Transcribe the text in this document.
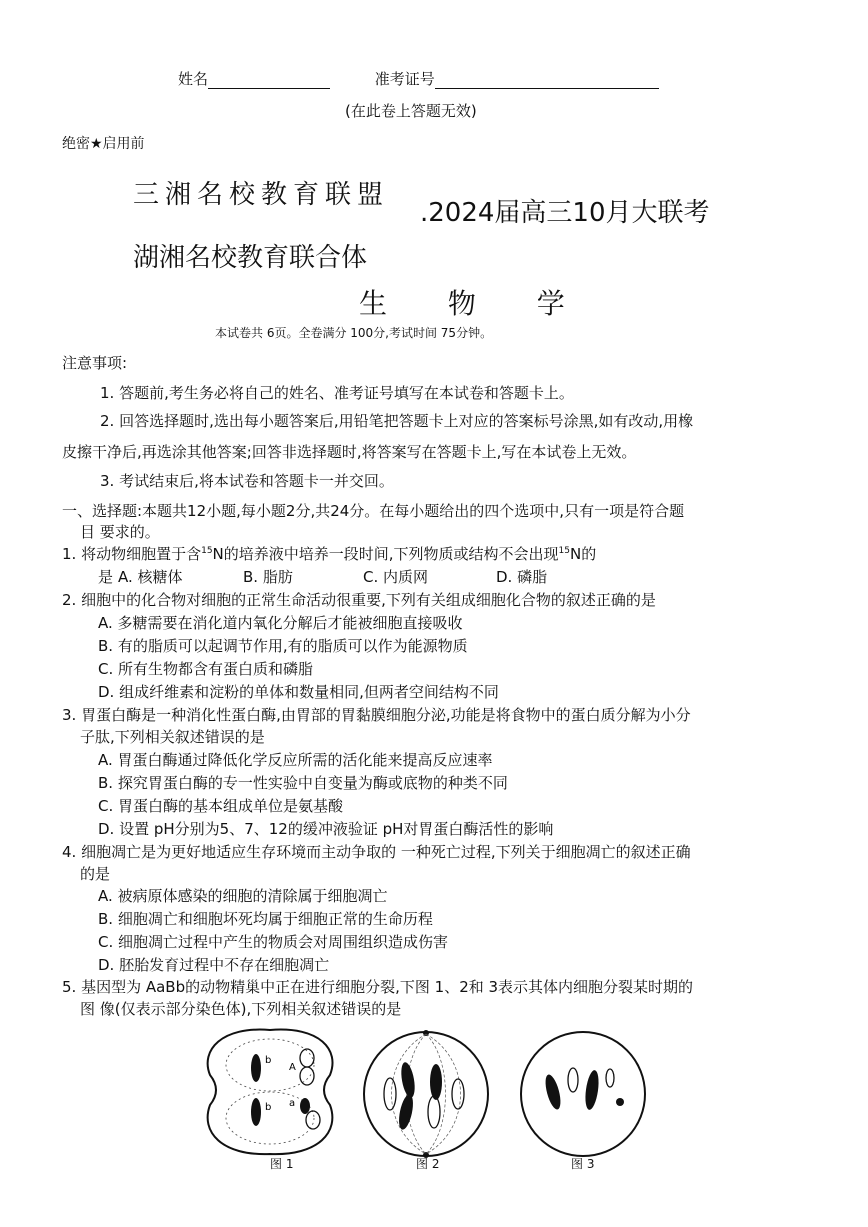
姓名	准考证号
(在此卷上答题无效)
绝密★启用前
三湘名校教育联盟
.2024届高三10月大联考
湖湘名校教育联合体
生 物 学
本试卷共 6页。全卷满分 100分,考试时间 75分钟。
注意事项:
1. 答题前,考生务必将自己的姓名、准考证号填写在本试卷和答题卡上。
2. 回答选择题时,选出每小题答案后,用铅笔把答题卡上对应的答案标号涂黑,如有改动,用橡
皮擦干净后,再选涂其他答案;回答非选择题时,将答案写在答题卡上,写在本试卷上无效。
3. 考试结束后,将本试卷和答题卡一并交回。
一、选择题:本题共12小题,每小题2分,共24分。在每小题给出的四个选项中,只有一项是符合题
目 要求的。
1. 将动物细胞置于含$^{15}$N的培养液中培养一段时间,下列物质或结构不会出现$^{15}$N的
是 A. 核糖体	B. 脂肪	C. 内质网	D. 磷脂
2. 细胞中的化合物对细胞的正常生命活动很重要,下列有关组成细胞化合物的叙述正确的是
A. 多糖需要在消化道内氧化分解后才能被细胞直接吸收
B. 有的脂质可以起调节作用,有的脂质可以作为能源物质
C. 所有生物都含有蛋白质和磷脂
D. 组成纤维素和淀粉的单体和数量相同,但两者空间结构不同
3. 胃蛋白酶是一种消化性蛋白酶,由胃部的胃黏膜细胞分泌,功能是将食物中的蛋白质分解为小分
子肽,下列相关叙述错误的是
A. 胃蛋白酶通过降低化学反应所需的活化能来提高反应速率
B. 探究胃蛋白酶的专一性实验中自变量为酶或底物的种类不同
C. 胃蛋白酶的基本组成单位是氨基酸
D. 设置 pH分别为5、7、12的缓冲液验证 pH对胃蛋白酶活性的影响
4. 细胞凋亡是为更好地适应生存环境而主动争取的 一种死亡过程,下列关于细胞凋亡的叙述正确
的是
A. 被病原体感染的细胞的清除属于细胞凋亡
B. 细胞凋亡和细胞坏死均属于细胞正常的生命历程
C. 细胞凋亡过程中产生的物质会对周围组织造成伤害
D. 胚胎发育过程中不存在细胞凋亡
5. 基因型为 AaBb的动物精巢中正在进行细胞分裂,下图 1、2和 3表示其体内细胞分裂某时期的
图 像(仅表示部分染色体),下列相关叙述错误的是
b
A
b a
图 1	图 2	图 3
